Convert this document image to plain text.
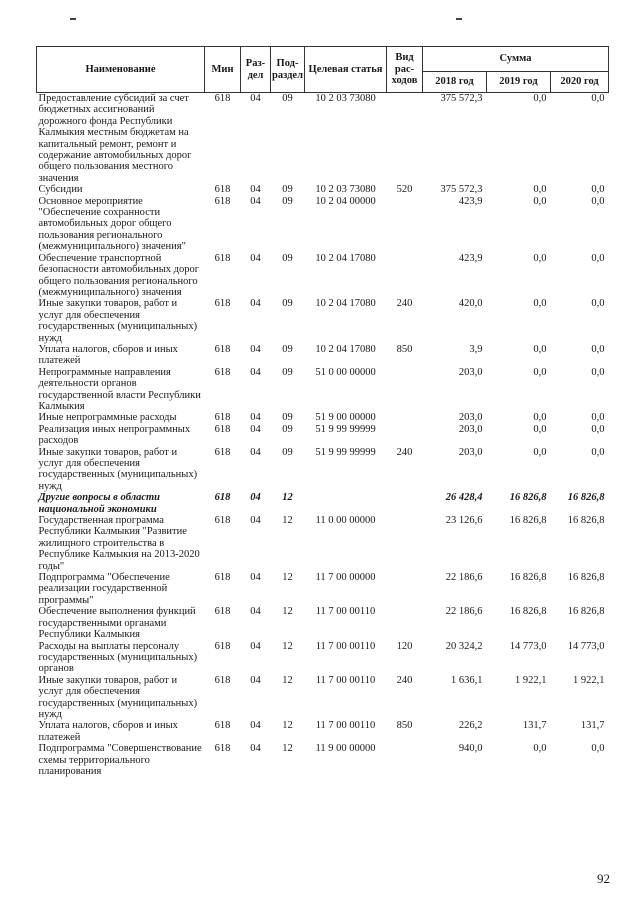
Наименование	Мин	Раз-дел	Под-раздел	Целевая статья	Вид рас-ходов	Сумма		
						2018 год	2019 год	2020 год
Предоставление субсидий за счет бюджетных ассигнований дорожного фонда Республики Калмыкия местным бюджетам на капитальный ремонт, ремонт и содержание автомобильных дорог общего пользования местного значения	618	04	09	10 2 03 73080		375 572,3	0,0	0,0
Субсидии	618	04	09	10 2 03 73080	520	375 572,3	0,0	0,0
Основное мероприятие "Обеспечение сохранности автомобильных дорог общего пользования регионального (межмуниципального) значения"	618	04	09	10 2 04 00000		423,9	0,0	0,0
Обеспечение транспортной безопасности автомобильных дорог общего пользования регионального (межмуниципального) значения	618	04	09	10 2 04 17080		423,9	0,0	0,0
Иные закупки товаров, работ и услуг для обеспечения государственных (муниципальных) нужд	618	04	09	10 2 04 17080	240	420,0	0,0	0,0
Уплата налогов, сборов и иных платежей	618	04	09	10 2 04 17080	850	3,9	0,0	0,0
Непрограммные направления деятельности органов государственной власти Республики Калмыкия	618	04	09	51 0 00 00000		203,0	0,0	0,0
Иные непрограммные расходы	618	04	09	51 9 00 00000		203,0	0,0	0,0
Реализация иных непрограммных расходов	618	04	09	51 9 99 99999		203,0	0,0	0,0
Иные закупки товаров, работ и услуг для обеспечения государственных (муниципальных) нужд	618	04	09	51 9 99 99999	240	203,0	0,0	0,0
Другие вопросы в области национальной экономики	618	04	12			26 428,4	16 826,8	16 826,8
Государственная программа Республики Калмыкия "Развитие жилищного строительства в Республике Калмыкия на 2013-2020 годы"	618	04	12	11 0 00 00000		23 126,6	16 826,8	16 826,8
Подпрограмма "Обеспечение реализации государственной программы"	618	04	12	11 7 00 00000		22 186,6	16 826,8	16 826,8
Обеспечение выполнения функций государственными органами Республики Калмыкия	618	04	12	11 7 00 00110		22 186,6	16 826,8	16 826,8
Расходы на выплаты персоналу государственных (муниципальных) органов	618	04	12	11 7 00 00110	120	20 324,2	14 773,0	14 773,0
Иные закупки товаров, работ и услуг для обеспечения государственных (муниципальных) нужд	618	04	12	11 7 00 00110	240	1 636,1	1 922,1	1 922,1
Уплата налогов, сборов и иных платежей	618	04	12	11 7 00 00110	850	226,2	131,7	131,7
Подпрограмма "Совершенствование схемы территориального планирования	618	04	12	11 9 00 00000		940,0	0,0	0,0
92
